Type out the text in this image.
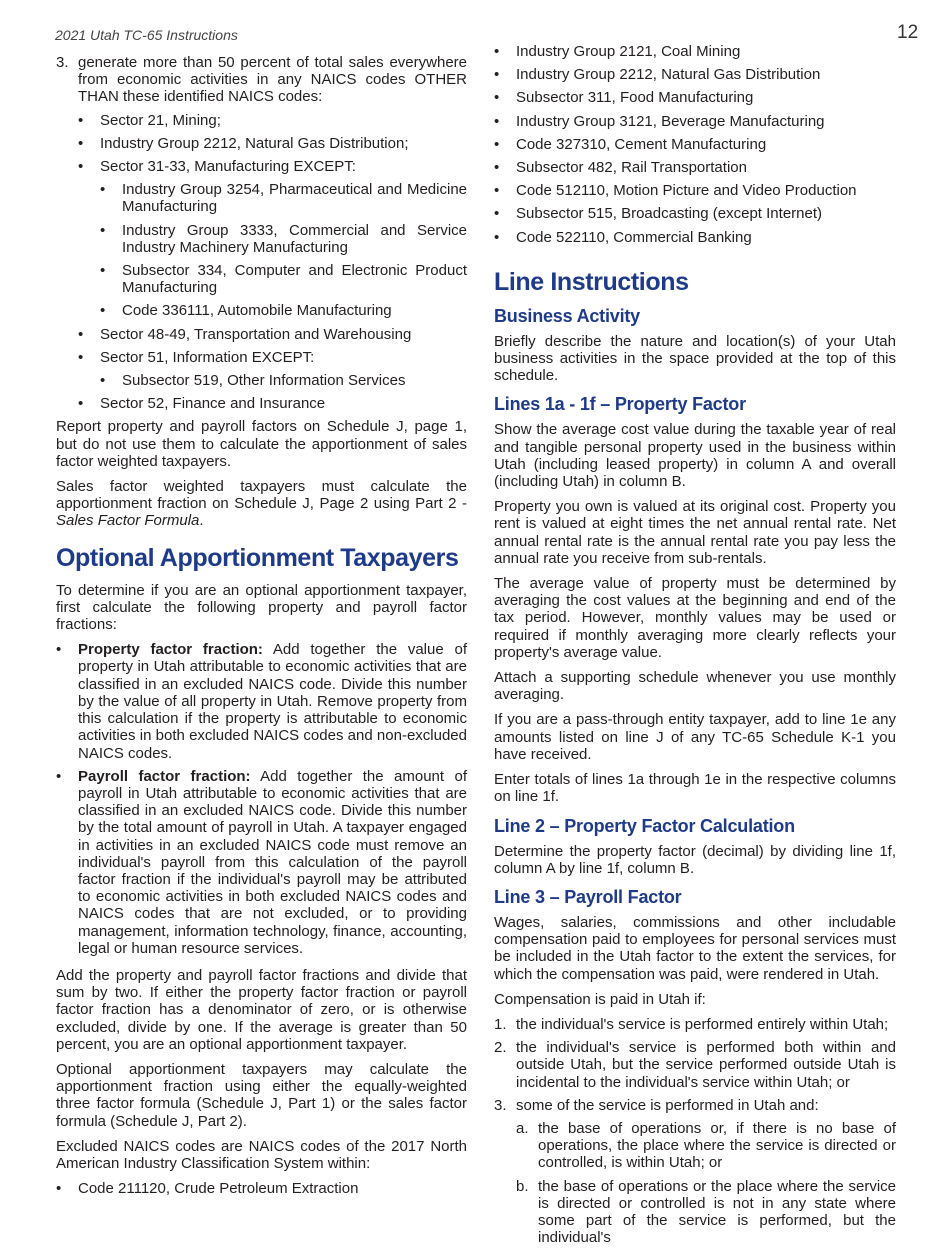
2021 Utah TC-65 Instructions	12
3. generate more than 50 percent of total sales everywhere from economic activities in any NAICS codes OTHER THAN these identified NAICS codes:
• Sector 21, Mining;
• Industry Group 2212, Natural Gas Distribution;
• Sector 31-33, Manufacturing EXCEPT:
• Industry Group 3254, Pharmaceutical and Medicine Manufacturing
• Industry Group 3333, Commercial and Service Industry Machinery Manufacturing
• Subsector 334, Computer and Electronic Product Manufacturing
• Code 336111, Automobile Manufacturing
• Sector 48-49, Transportation and Warehousing
• Sector 51, Information EXCEPT:
• Subsector 519, Other Information Services
• Sector 52, Finance and Insurance

Report property and payroll factors on Schedule J, page 1, but do not use them to calculate the apportionment of sales factor weighted taxpayers.

Sales factor weighted taxpayers must calculate the apportionment fraction on Schedule J, Page 2 using Part 2 - Sales Factor Formula.

Optional Apportionment Taxpayers

To determine if you are an optional apportionment taxpayer, first calculate the following property and payroll factor fractions:

• Property factor fraction: Add together the value of property in Utah attributable to economic activities that are classified in an excluded NAICS code. Divide this number by the value of all property in Utah. Remove property from this calculation if the property is attributable to economic activities in both excluded NAICS codes and non-excluded NAICS codes.
• Payroll factor fraction: Add together the amount of payroll in Utah attributable to economic activities that are classified in an excluded NAICS code. Divide this number by the total amount of payroll in Utah. A taxpayer engaged in activities in an excluded NAICS code must remove an individual's payroll from this calculation of the payroll factor fraction if the individual's payroll may be attributed to economic activities in both excluded NAICS codes and NAICS codes that are not excluded, or to providing management, information technology, finance, accounting, legal or human resource services.

Add the property and payroll factor fractions and divide that sum by two. If either the property factor fraction or payroll factor fraction has a denominator of zero, or is otherwise excluded, divide by one. If the average is greater than 50 percent, you are an optional apportionment taxpayer.

Optional apportionment taxpayers may calculate the apportionment fraction using either the equally-weighted three factor formula (Schedule J, Part 1) or the sales factor formula (Schedule J, Part 2).

Excluded NAICS codes are NAICS codes of the 2017 North American Industry Classification System within:

• Code 211120, Crude Petroleum Extraction
• Industry Group 2121, Coal Mining
• Industry Group 2212, Natural Gas Distribution
• Subsector 311, Food Manufacturing
• Industry Group 3121, Beverage Manufacturing
• Code 327310, Cement Manufacturing
• Subsector 482, Rail Transportation
• Code 512110, Motion Picture and Video Production
• Subsector 515, Broadcasting (except Internet)
• Code 522110, Commercial Banking
Line Instructions
Business Activity

Briefly describe the nature and location(s) of your Utah business activities in the space provided at the top of this schedule.

Lines 1a - 1f – Property Factor

Show the average cost value during the taxable year of real and tangible personal property used in the business within Utah (including leased property) in column A and overall (including Utah) in column B.

Property you own is valued at its original cost. Property you rent is valued at eight times the net annual rental rate. Net annual rental rate is the annual rental rate you pay less the annual rate you receive from sub-rentals.

The average value of property must be determined by averaging the cost values at the beginning and end of the tax period. However, monthly values may be used or required if monthly averaging more clearly reflects your property's average value.

Attach a supporting schedule whenever you use monthly averaging.

If you are a pass-through entity taxpayer, add to line 1e any amounts listed on line J of any TC-65 Schedule K-1 you have received.

Enter totals of lines 1a through 1e in the respective columns on line 1f.

Line 2 – Property Factor Calculation

Determine the property factor (decimal) by dividing line 1f, column A by line 1f, column B.

Line 3 – Payroll Factor

Wages, salaries, commissions and other includable compensation paid to employees for personal services must be included in the Utah factor to the extent the services, for which the compensation was paid, were rendered in Utah.

Compensation is paid in Utah if:

1. the individual's service is performed entirely within Utah;
2. the individual's service is performed both within and outside Utah, but the service performed outside Utah is incidental to the individual's service within Utah; or
3. some of the service is performed in Utah and:
a. the base of operations or, if there is no base of operations, the place where the service is directed or controlled, is within Utah; or
b. the base of operations or the place where the service is directed or controlled is not in any state where some part of the service is performed, but the individual's
